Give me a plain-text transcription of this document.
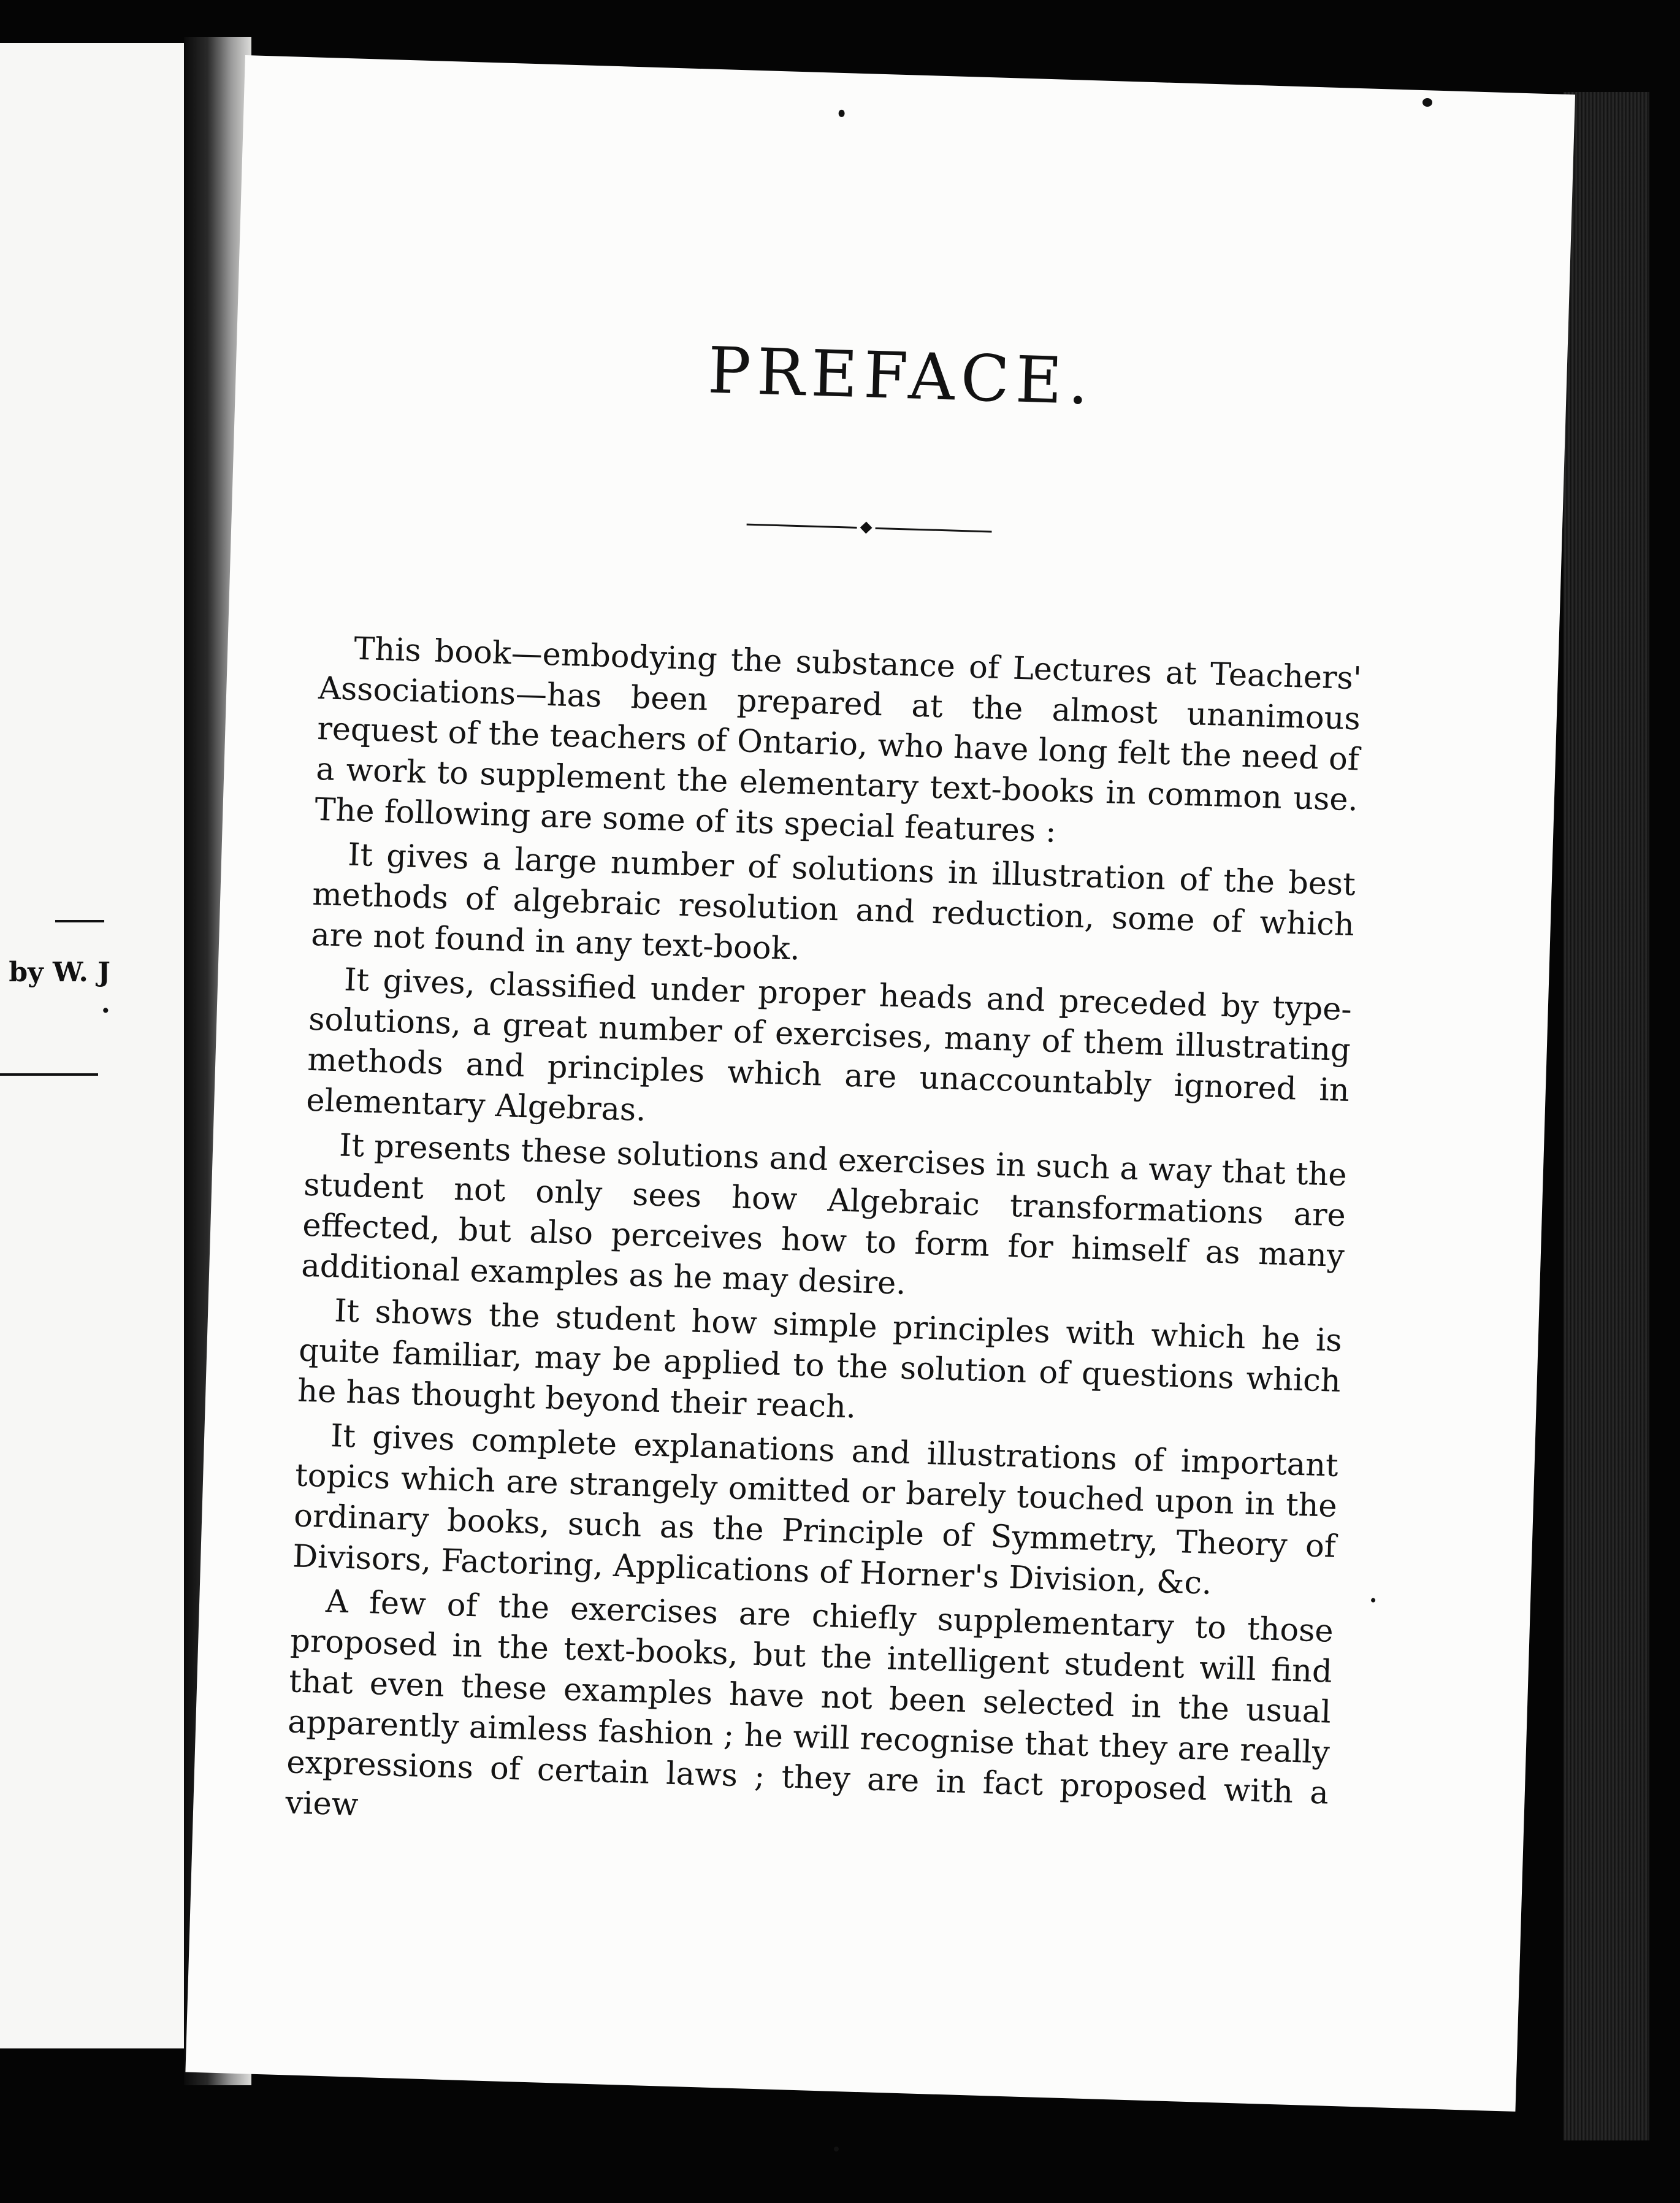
by W. J
.
PREFACE.

This book—embodying the substance of Lectures at Teachers' Associations—has been prepared at the almost unanimous request of the teachers of Ontario, who have long felt the need of a work to supplement the elementary text-books in common use. The following are some of its special features :

It gives a large number of solutions in illustration of the best methods of algebraic resolution and reduction, some of which are not found in any text-book.

It gives, classified under proper heads and preceded by type-solutions, a great number of exercises, many of them illustrating methods and principles which are unaccountably ignored in elementary Algebras.

It presents these solutions and exercises in such a way that the student not only sees how Algebraic transformations are effected, but also perceives how to form for himself as many additional examples as he may desire.

It shows the student how simple principles with which he is quite familiar, may be applied to the solution of questions which he has thought beyond their reach.

It gives complete explanations and illustrations of important topics which are strangely omitted or barely touched upon in the ordinary books, such as the Principle of Symmetry, Theory of Divisors, Factoring, Applications of Horner's Division, &c.

A few of the exercises are chiefly supplementary to those proposed in the text-books, but the intelligent student will find that even these examples have not been selected in the usual apparently aimless fashion ; he will recognise that they are really expressions of certain laws ; they are in fact proposed with a view
